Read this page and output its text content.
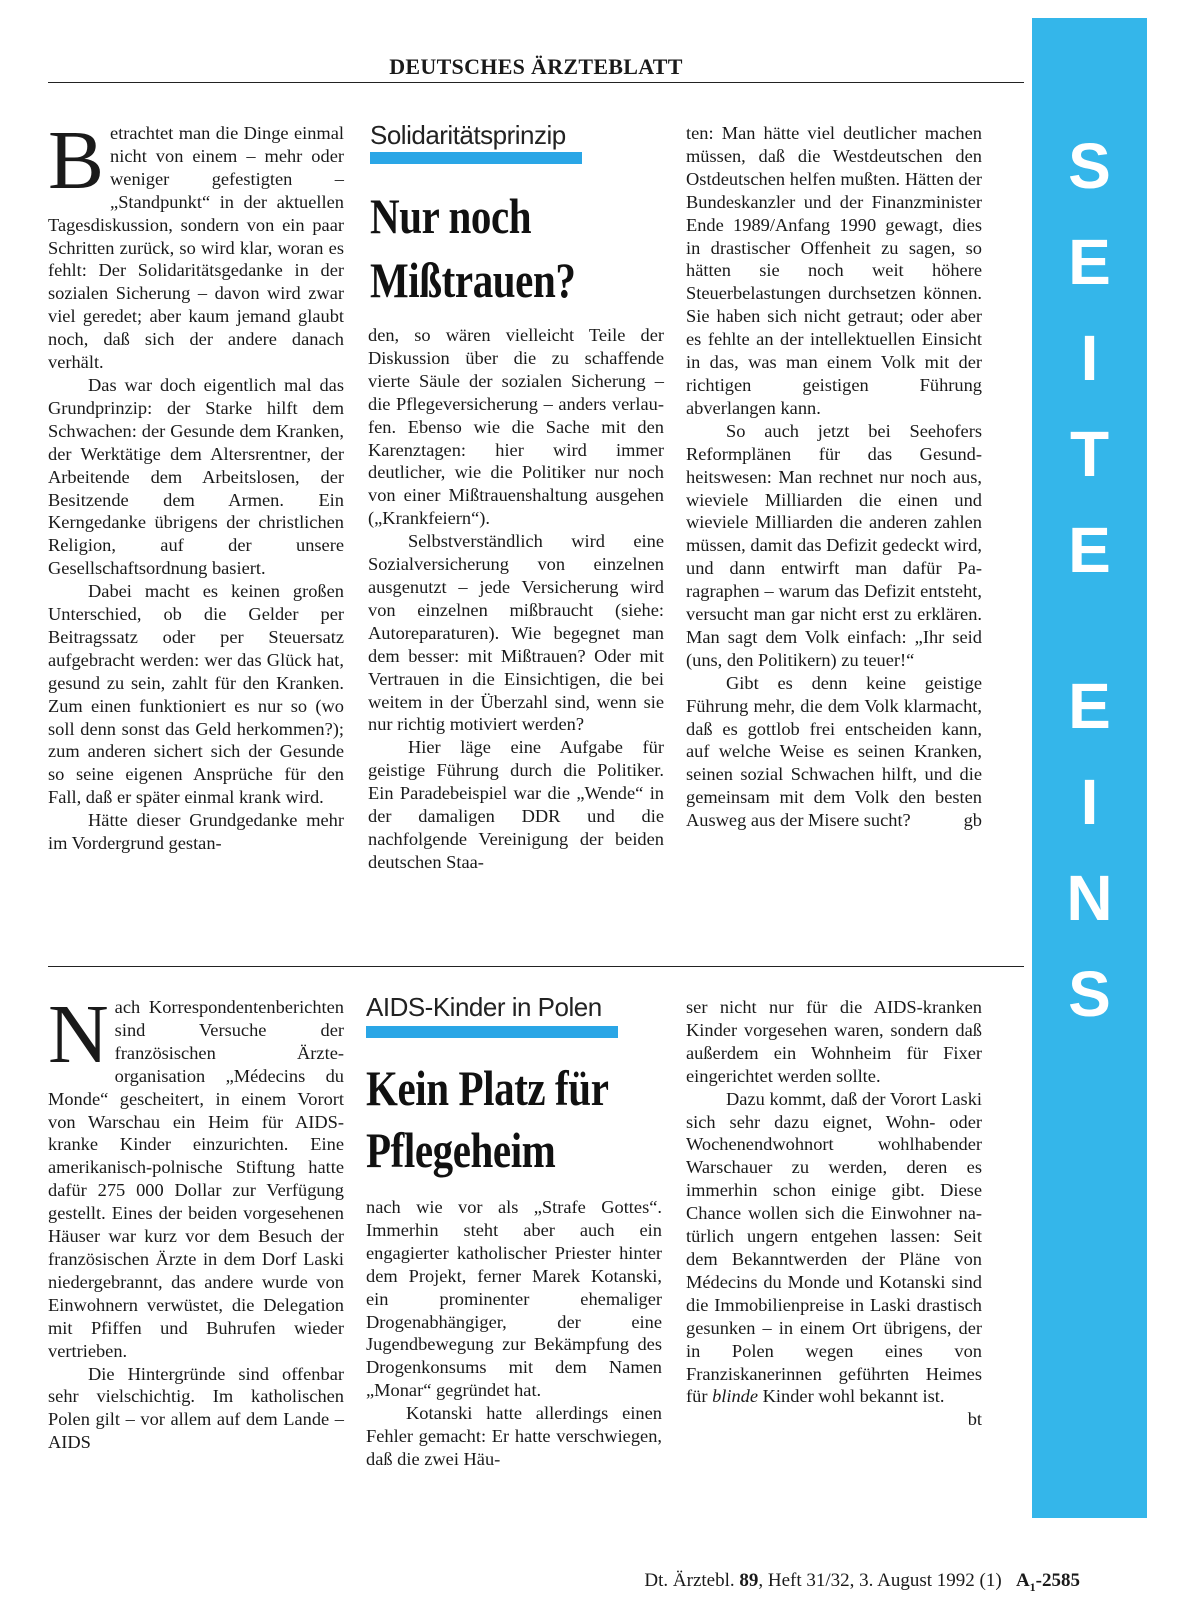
DEUTSCHES ÄRZTEBLATT
S
E
I
T
E
E
I
N
S

Betrachtet man die Dinge einmal nicht von einem – mehr oder weniger gefestigten – „Standpunkt“ in der aktuellen Tagesdiskussion, sondern von ein paar Schritten zurück, so wird klar, woran es fehlt: Der Solidaritätsgedanke in der sozialen Sicherung – davon wird zwar viel geredet; aber kaum jemand glaubt noch, daß sich der andere danach verhält.

Das war doch eigentlich mal das Grundprinzip: der Starke hilft dem Schwachen: der Gesunde dem Kranken, der Werktätige dem Altersrentner, der Arbeitende dem Arbeitslosen, der Besitzende dem Armen. Ein Kerngedanke übrigens der christlichen Religion, auf der unsere Gesellschaftsordnung basiert.

Dabei macht es keinen großen Unterschied, ob die Gelder per Beitragssatz oder per Steuersatz aufgebracht werden: wer das Glück hat, gesund zu sein, zahlt für den Kranken. Zum einen funktioniert es nur so (wo soll denn sonst das Geld herkommen?); zum anderen sichert sich der Gesunde so seine eigenen Ansprüche für den Fall, daß er später einmal krank wird.

Hätte dieser Grundgedanke mehr im Vordergrund gestan-

Solidaritätsprinzip
Nur noch
Mißtrauen?

den, so wären vielleicht Teile der Diskussion über die zu schaffende vierte Säule der sozialen Sicherung – die Pflegeversicherung – anders verlaufen. Ebenso wie die Sache mit den Karenztagen: hier wird immer deutlicher, wie die Politiker nur noch von einer Mißtrauenshaltung ausgehen („Krankfeiern“).

Selbstverständlich wird eine Sozialversicherung von einzelnen ausgenutzt – jede Versicherung wird von einzelnen mißbraucht (siehe: Autoreparaturen). Wie begegnet man dem besser: mit Mißtrauen? Oder mit Vertrauen in die Einsichtigen, die bei weitem in der Überzahl sind, wenn sie nur richtig motiviert werden?

Hier läge eine Aufgabe für geistige Führung durch die Politiker. Ein Paradebeispiel war die „Wende“ in der damaligen DDR und die nachfolgende Vereinigung der beiden deutschen Staa-

ten: Man hätte viel deutlicher machen müssen, daß die Westdeutschen den Ostdeutschen helfen mußten. Hätten der Bundeskanzler und der Finanzminister Ende 1989/Anfang 1990 gewagt, dies in drastischer Offenheit zu sagen, so hätten sie noch weit höhere Steuerbelastungen durchsetzen können. Sie haben sich nicht getraut; oder aber es fehlte an der intellektuellen Einsicht in das, was man einem Volk mit der richtigen geistigen Führung abverlangen kann.

So auch jetzt bei Seehofers Reformplänen für das Gesundheitswesen: Man rechnet nur noch aus, wieviele Milliarden die einen und wieviele Milliarden die anderen zahlen müssen, damit das Defizit gedeckt wird, und dann entwirft man dafür Paragraphen – warum das Defizit entsteht, versucht man gar nicht erst zu erklären. Man sagt dem Volk einfach: „Ihr seid (uns, den Politikern) zu teuer!“

Gibt es denn keine geistige Führung mehr, die dem Volk klarmacht, daß es gottlob frei entscheiden kann, auf welche Weise es seinen Kranken, seinen sozial Schwachen hilft, und die gemeinsam mit dem Volk den besten Ausweg aus der Misere sucht?	gb

Nach Korrespondentenberichten sind Versuche der französischen Ärzteorganisation „Médecins du Monde“ gescheitert, in einem Vorort von Warschau ein Heim für AIDS-kranke Kinder einzurichten. Eine amerikanisch-polnische Stiftung hatte dafür 275 000 Dollar zur Verfügung gestellt. Eines der beiden vorgesehenen Häuser war kurz vor dem Besuch der französischen Ärzte in dem Dorf Laski niedergebrannt, das andere wurde von Einwohnern verwüstet, die Delegation mit Pfiffen und Buhrufen wieder vertrieben.

Die Hintergründe sind offenbar sehr vielschichtig. Im katholischen Polen gilt – vor allem auf dem Lande – AIDS

AIDS-Kinder in Polen
Kein Platz für
Pflegeheim

nach wie vor als „Strafe Gottes“. Immerhin steht aber auch ein engagierter katholischer Priester hinter dem Projekt, ferner Marek Kotanski, ein prominenter ehemaliger Drogenabhängiger, der eine Jugendbewegung zur Bekämpfung des Drogenkonsums mit dem Namen „Monar“ gegründet hat.

Kotanski hatte allerdings einen Fehler gemacht: Er hatte verschwiegen, daß die zwei Häu-

ser nicht nur für die AIDS-kranken Kinder vorgesehen waren, sondern daß außerdem ein Wohnheim für Fixer eingerichtet werden sollte.

Dazu kommt, daß der Vorort Laski sich sehr dazu eignet, Wohn- oder Wochenendwohnort wohlhabender Warschauer zu werden, deren es immerhin schon einige gibt. Diese Chance wollen sich die Einwohner natürlich ungern entgehen lassen: Seit dem Bekanntwerden der Pläne von Médecins du Monde und Kotanski sind die Immobilienpreise in Laski drastisch gesunken – in einem Ort übrigens, der in Polen wegen eines von Franziskanerinnen geführten Heimes für blinde Kinder wohl bekannt ist.
bt

Dt. Ärztebl. 89, Heft 31/32, 3. August 1992 (1) $A_1-2585$
